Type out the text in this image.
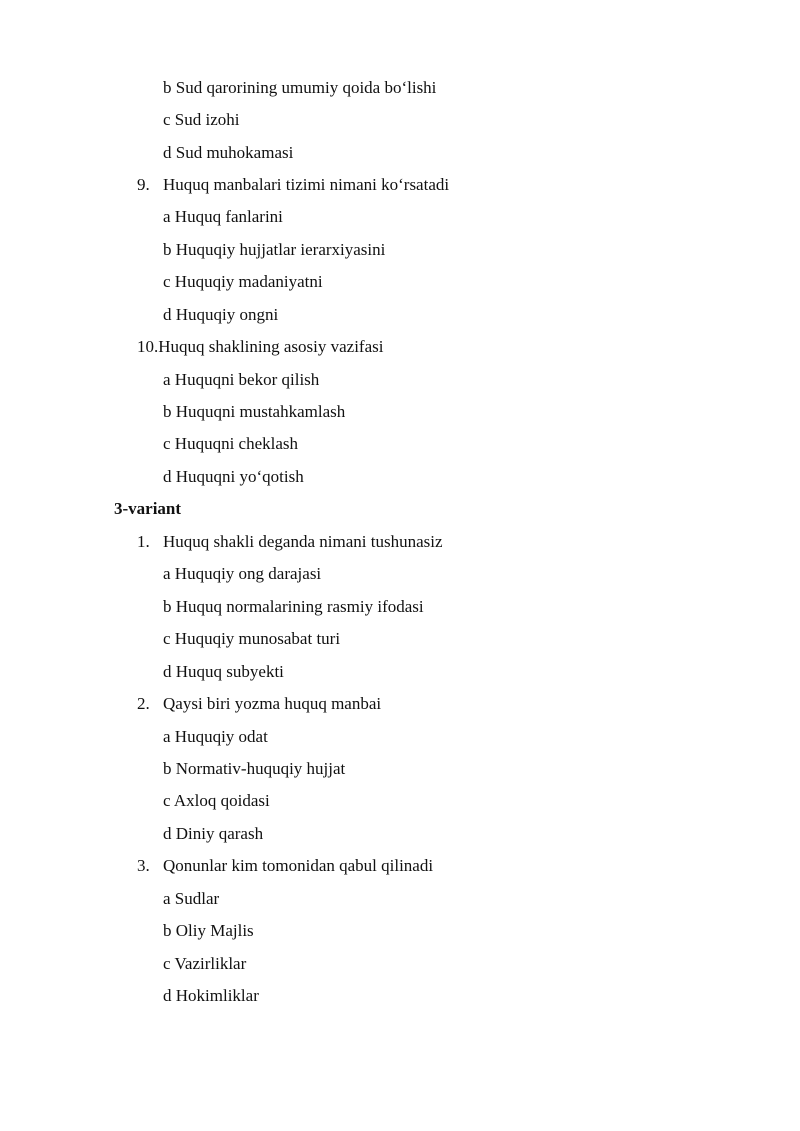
b Sud qarorining umumiy qoida bo‘lishi
c Sud izohi
d Sud muhokamasi
9. Huquq manbalari tizimi nimani ko‘rsatadi
a Huquq fanlarini
b Huquqiy hujjatlar ierarxiyasini
c Huquqiy madaniyatni
d Huquqiy ongni
10.Huquq shaklining asosiy vazifasi
a Huquqni bekor qilish
b Huquqni mustahkamlash
c Huquqni cheklash
d Huquqni yo‘qotish
3-variant
1. Huquq shakli deganda nimani tushunasiz
a Huquqiy ong darajasi
b Huquq normalarining rasmiy ifodasi
c Huquqiy munosabat turi
d Huquq subyekti
2. Qaysi biri yozma huquq manbai
a Huquqiy odat
b Normativ-huquqiy hujjat
c Axloq qoidasi
d Diniy qarash
3. Qonunlar kim tomonidan qabul qilinadi
a Sudlar
b Oliy Majlis
c Vazirliklar
d Hokimliklar
